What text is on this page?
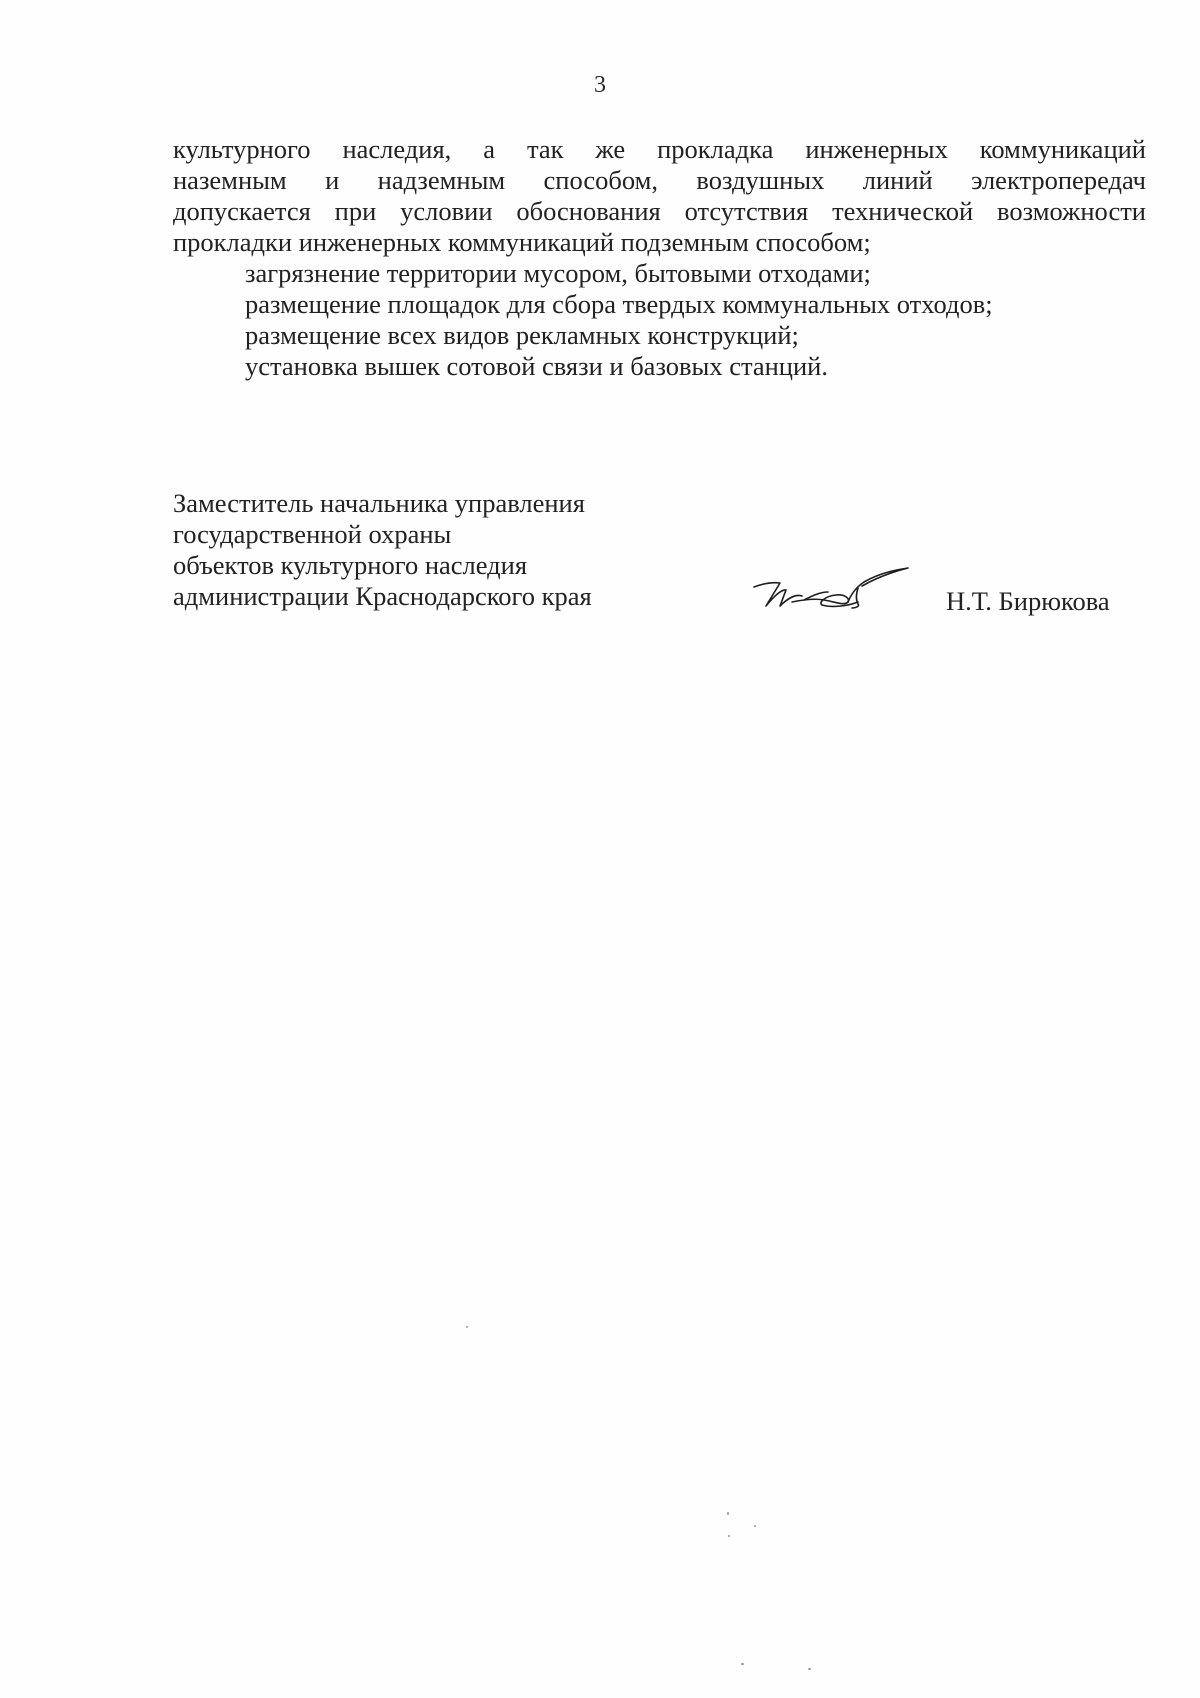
3
культурного наследия, а так же прокладка инженерных коммуникаций
наземным и надземным способом, воздушных линий электропередач
допускается при условии обоснования отсутствия технической возможности
прокладки инженерных коммуникаций подземным способом;
загрязнение территории мусором, бытовыми отходами;
размещение площадок для сбора твердых коммунальных отходов;
размещение всех видов рекламных конструкций;
установка вышек сотовой связи и базовых станций.
Заместитель начальника управления
государственной охраны
объектов культурного наследия
администрации Краснодарского края	Н.Т. Бирюкова
